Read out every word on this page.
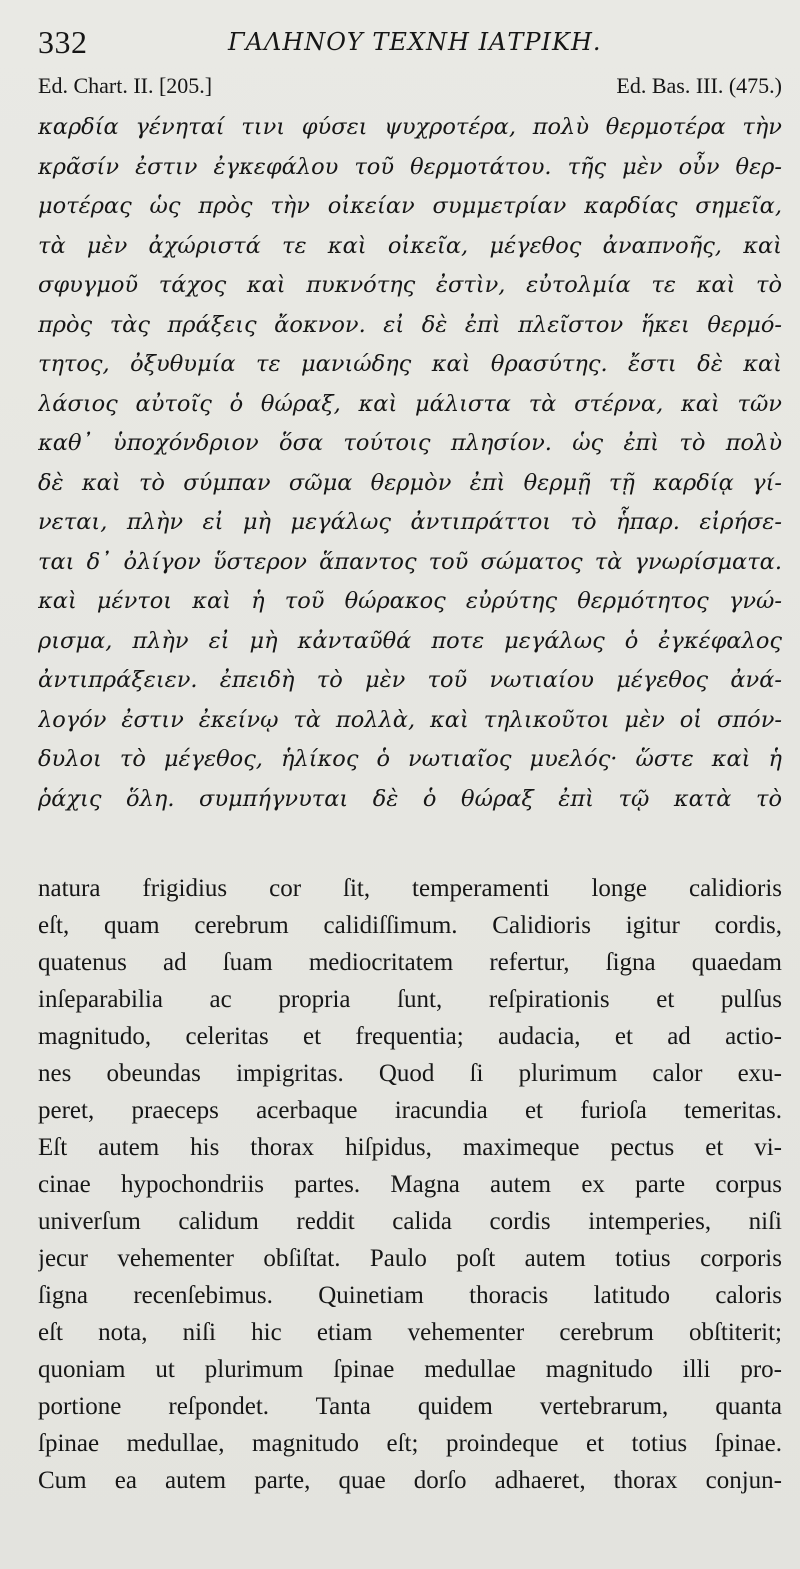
332	ΓΑΛΗΝΟΥ ΤΕΧΝΗ ΙΑΤΡΙΚΗ.
Ed. Chart. II. [205.]	Ed. Bas. III. (475.)
καρδία γένηταί τινι φύσει ψυχροτέρα, πολὺ θερμοτέρα τὴν
κρᾶσίν ἐστιν ἐγκεφάλου τοῦ θερμοτάτου. τῆς μὲν οὖν θερ-
μοτέρας ὡς πρὸς τὴν οἰκείαν συμμετρίαν καρδίας σημεῖα,
τὰ μὲν ἀχώριστά τε καὶ οἰκεῖα, μέγεθος ἀναπνοῆς, καὶ
σφυγμοῦ τάχος καὶ πυκνότης ἐστὶν, εὐτολμία τε καὶ τὸ
πρὸς τὰς πράξεις ἄοκνον. εἰ δὲ ἐπὶ πλεῖστον ἥκει θερμό-
τητος, ὀξυθυμία τε μανιώδης καὶ θρασύτης. ἔστι δὲ καὶ
λάσιος αὐτοῖς ὁ θώραξ, καὶ μάλιστα τὰ στέρνα, καὶ τῶν
καθ᾽ ὑποχόνδριον ὅσα τούτοις πλησίον. ὡς ἐπὶ τὸ πολὺ
δὲ καὶ τὸ σύμπαν σῶμα θερμὸν ἐπὶ θερμῇ τῇ καρδίᾳ γί-
νεται, πλὴν εἰ μὴ μεγάλως ἀντιπράττοι τὸ ἧπαρ. εἰρήσε-
ται δ᾽ ὀλίγον ὕστερον ἅπαντος τοῦ σώματος τὰ γνωρίσματα.
καὶ μέντοι καὶ ἡ τοῦ θώρακος εὐρύτης θερμότητος γνώ-
ρισμα, πλὴν εἰ μὴ κἀνταῦθά ποτε μεγάλως ὁ ἐγκέφαλος
ἀντιπράξειεν. ἐπειδὴ τὸ μὲν τοῦ νωτιαίου μέγεθος ἀνά-
λογόν ἐστιν ἐκείνῳ τὰ πολλὰ, καὶ τηλικοῦτοι μὲν οἱ σπόν-
δυλοι τὸ μέγεθος, ἡλίκος ὁ νωτιαῖος μυελός· ὥστε καὶ ἡ
ῥάχις ὅλη. συμπήγνυται δὲ ὁ θώραξ ἐπὶ τῷ κατὰ τὸ
natura frigidius cor ſit, temperamenti longe calidioris
eſt, quam cerebrum calidiſſimum. Calidioris igitur cordis,
quatenus ad ſuam mediocritatem refertur, ſigna quaedam
inſeparabilia ac propria ſunt, reſpirationis et pulſus
magnitudo, celeritas et frequentia; audacia, et ad actio-
nes obeundas impigritas. Quod ſi plurimum calor exu-
peret, praeceps acerbaque iracundia et furioſa temeritas.
Eſt autem his thorax hiſpidus, maximeque pectus et vi-
cinae hypochondriis partes. Magna autem ex parte corpus
univerſum calidum reddit calida cordis intemperies, niſi
jecur vehementer obſiſtat. Paulo poſt autem totius corporis
ſigna recenſebimus. Quinetiam thoracis latitudo caloris
eſt nota, niſi hic etiam vehementer cerebrum obſtiterit;
quoniam ut plurimum ſpinae medullae magnitudo illi pro-
portione reſpondet. Tanta quidem vertebrarum, quanta
ſpinae medullae, magnitudo eſt; proindeque et totius ſpinae.
Cum ea autem parte, quae dorſo adhaeret, thorax conjun-
